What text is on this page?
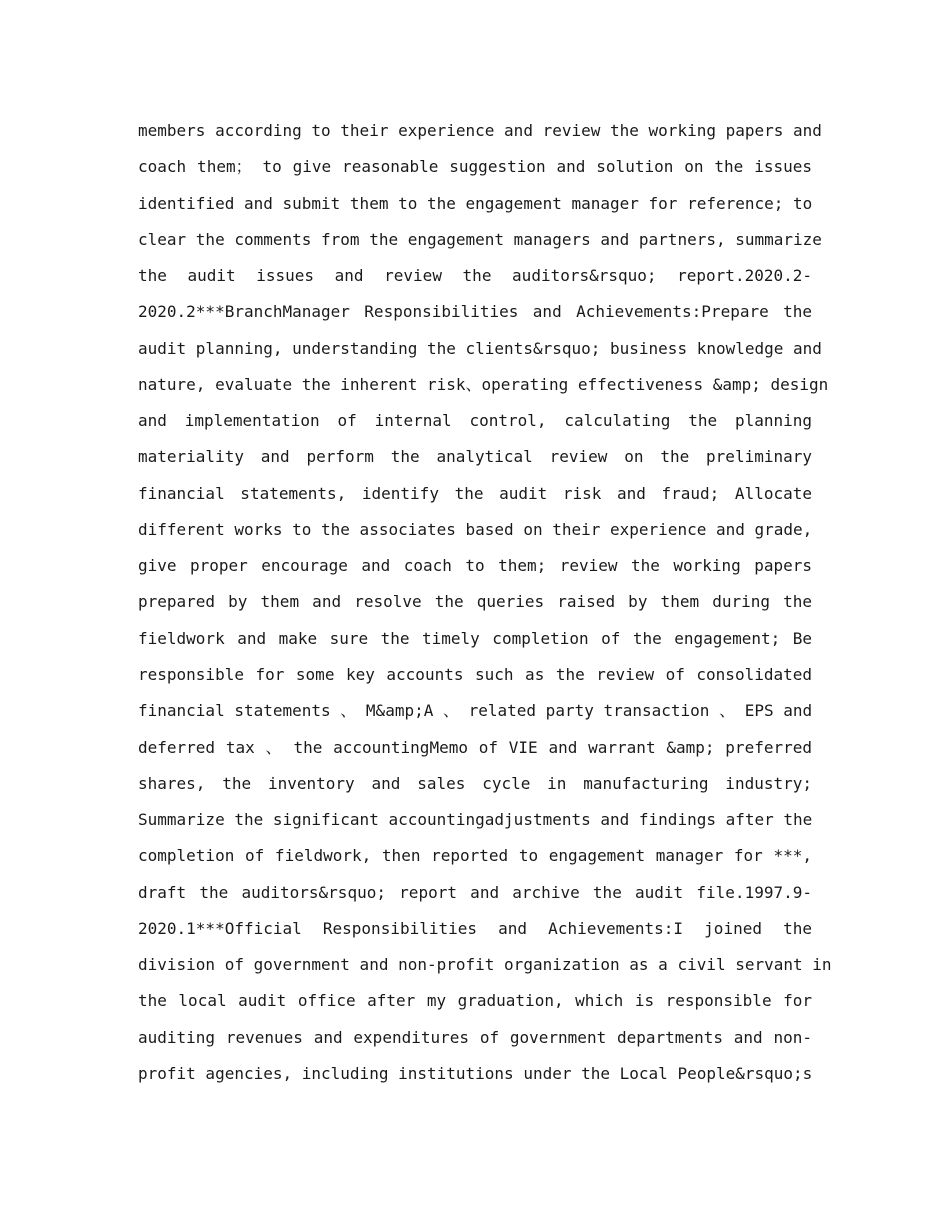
members according to their experience and review the working papers and
coach them； to give reasonable suggestion and solution on the issues
identified and submit them to the engagement manager for reference; to
clear the comments from the engagement managers and partners, summarize
the audit issues and review the auditors&rsquo; report.2020.2-
2020.2***BranchManager Responsibilities and Achievements:Prepare the
audit planning, understanding the clients&rsquo; business knowledge and
nature, evaluate the inherent risk、operating effectiveness &amp; design
and implementation of internal control, calculating the planning
materiality and perform the analytical review on the preliminary
financial statements, identify the audit risk and fraud; Allocate
different works to the associates based on their experience and grade,
give proper encourage and coach to them; review the working papers
prepared by them and resolve the queries raised by them during the
fieldwork and make sure the timely completion of the engagement; Be
responsible for some key accounts such as the review of consolidated
financial statements 、 M&amp;A 、 related party transaction 、 EPS and
deferred tax 、 the accountingMemo of VIE and warrant &amp; preferred
shares, the inventory and sales cycle in manufacturing industry;
Summarize the significant accountingadjustments and findings after the
completion of fieldwork, then reported to engagement manager for ***,
draft the auditors&rsquo; report and archive the audit file.1997.9-
2020.1***Official Responsibilities and Achievements:I joined the
division of government and non-profit organization as a civil servant in
the local audit office after my graduation, which is responsible for
auditing revenues and expenditures of government departments and non-
profit agencies, including institutions under the Local People&rsquo;s
